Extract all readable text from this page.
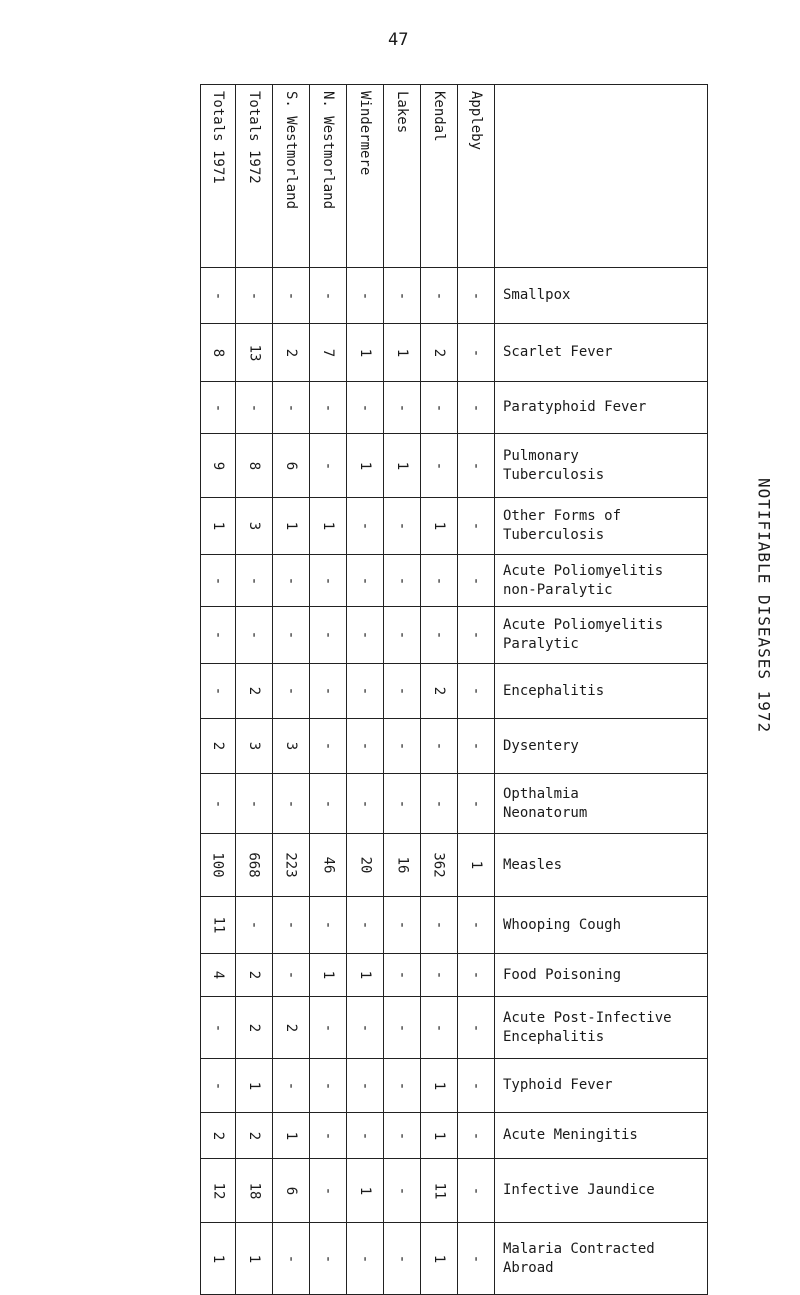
47
NOTIFIABLE DISEASES 1972
Totals 1971	Totals 1972	S. Westmorland	N. Westmorland	Windermere	Lakes	Kendal	Appleby	

-	-	-	-	-	-	-	-	Smallpox
8	13	2	7	1	1	2	-	Scarlet Fever
-	-	-	-	-	-	-	-	Paratyphoid Fever
9	8	6	-	1	1	-	-	Pulmonary
Tuberculosis
1	3	1	1	-	-	1	-	Other Forms of
Tuberculosis
-	-	-	-	-	-	-	-	Acute Poliomyelitis
non-Paralytic
-	-	-	-	-	-	-	-	Acute Poliomyelitis
Paralytic
-	2	-	-	-	-	2	-	Encephalitis
2	3	3	-	-	-	-	-	Dysentery
-	-	-	-	-	-	-	-	Opthalmia
Neonatorum
100	668	223	46	20	16	362	1	Measles
11	-	-	-	-	-	-	-	Whooping Cough
4	2	-	1	1	-	-	-	Food Poisoning
-	2	2	-	-	-	-	-	Acute Post-Infective
Encephalitis
-	1	-	-	-	-	1	-	Typhoid Fever
2	2	1	-	-	-	1	-	Acute Meningitis
12	18	6	-	1	-	11	-	Infective Jaundice
1	1	-	-	-	-	1	-	Malaria Contracted
Abroad
